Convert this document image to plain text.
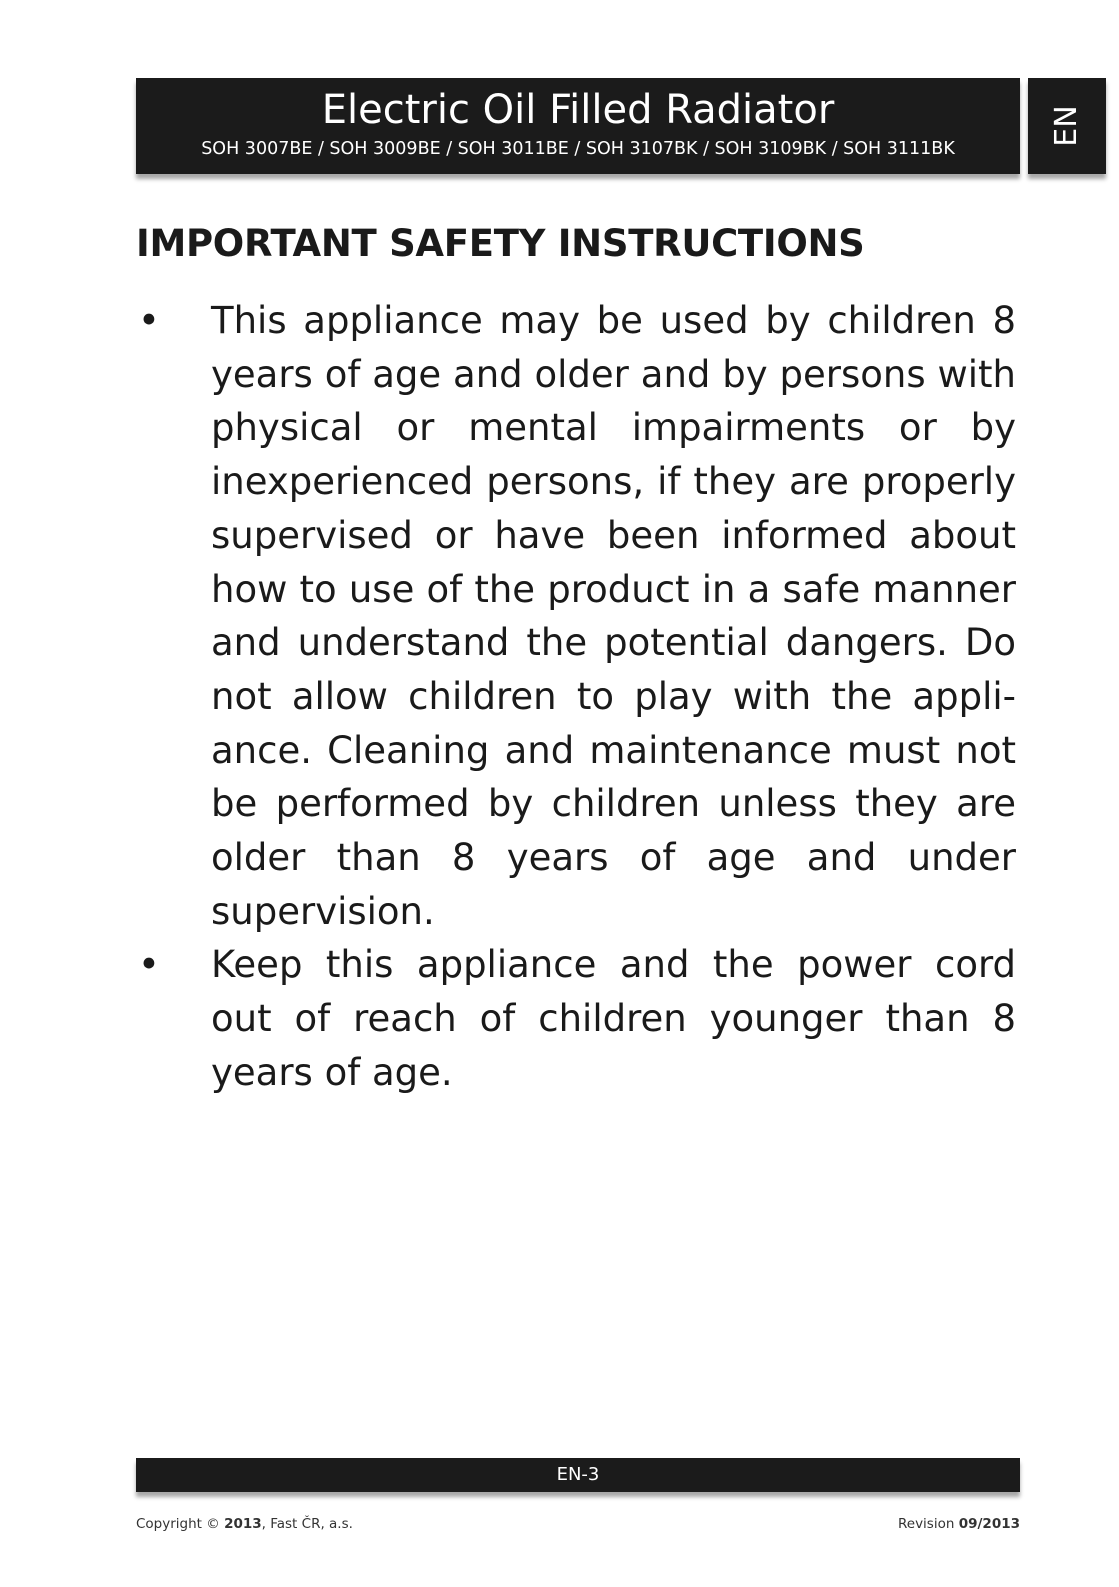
Electric Oil Filled Radiator
SOH 3007BE / SOH 3009BE / SOH 3011BE / SOH 3107BK / SOH 3109BK / SOH 3111BK
EN
IMPORTANT SAFETY INSTRUCTIONS
• This appliance may be used by children 8 years of age and older and by persons with physical or mental impairments or by inexperienced persons, if they are properly supervised or have been informed about how to use of the product in a safe manner and understand the potential dangers. Do not allow children to play with the appliance. Cleaning and maintenance must not be performed by children unless they are older than 8 years of age and under supervision.
• Keep this appliance and the power cord out of reach of children younger than 8 years of age.
EN-3
Copyright © 2013, Fast ČR, a.s.	Revision 09/2013
